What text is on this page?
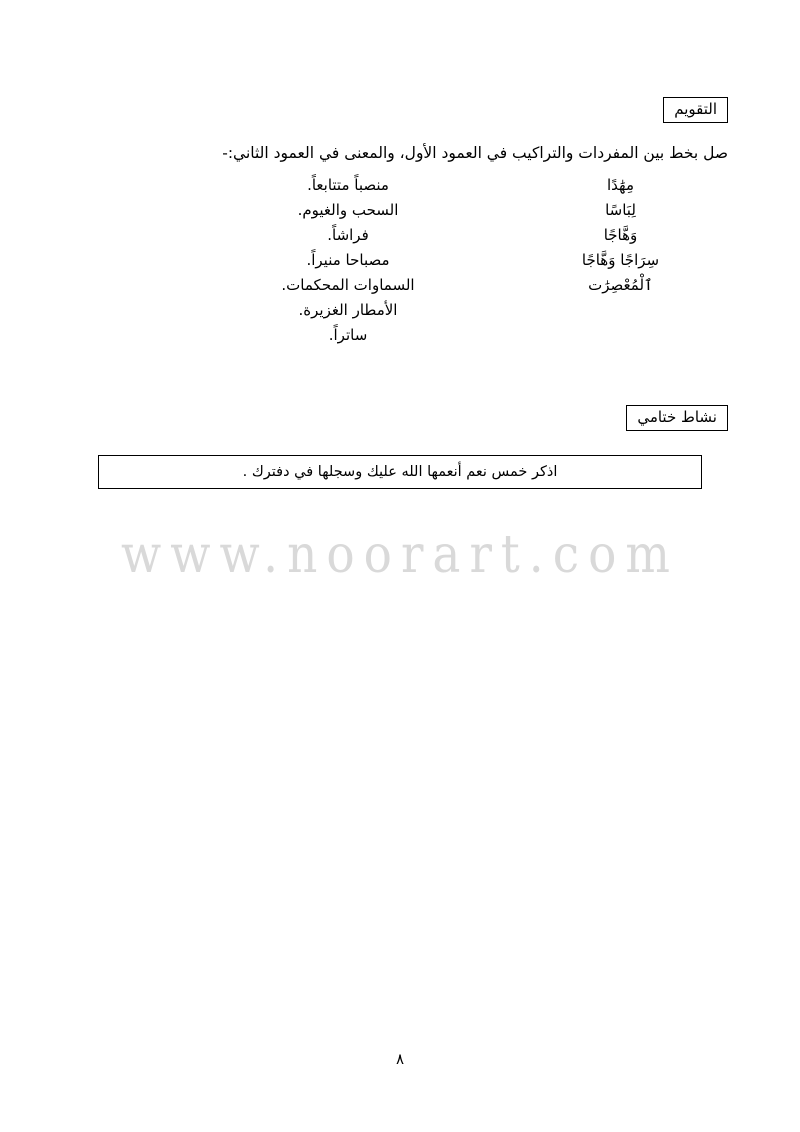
التقويم
صل بخط بين المفردات والتراكيب في العمود الأول، والمعنى في العمود الثاني:-
مِهَٰدًا
منصباً متتابعاً.
لِبَاسًا
السحب والغيوم.
وَهَّاجًا
فراشاً.
سِرَاجًا وَهَّاجًا
مصباحا منيراً.
ٱلْمُعْصِرَٰت
السماوات المحكمات.
الأمطار الغزيرة.
ساتراً.
نشاط ختامي
اذكر خمس نعم أنعمها الله عليك وسجلها في دفترك .
www.noorart.com
٨
